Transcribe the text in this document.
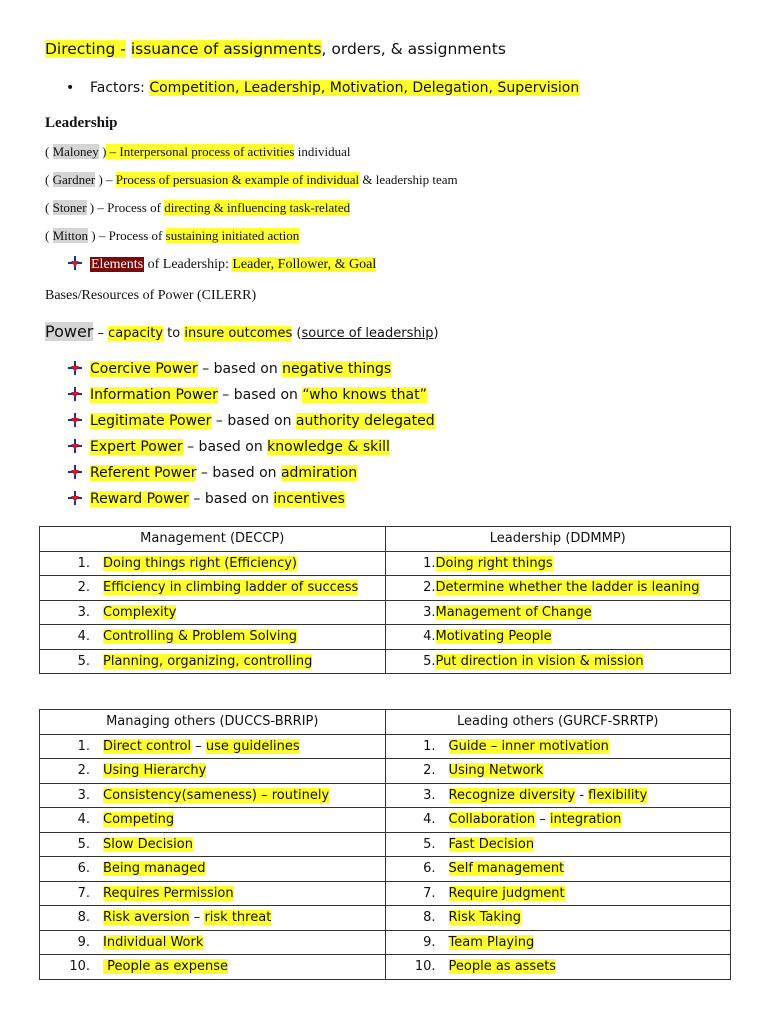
Directing - issuance of assignments, orders, & assignments
• Factors: Competition, Leadership, Motivation, Delegation, Supervision
Leadership
( Maloney ) – Interpersonal process of activities individual
( Gardner ) – Process of persuasion & example of individual & leadership team
( Stoner ) – Process of directing & influencing task-related
( Mitton ) – Process of sustaining initiated action
Elements of Leadership: Leader, Follower, & Goal
Bases/Resources of Power (CILERR)
Power – capacity to insure outcomes (source of leadership)
Coercive Power – based on negative things
Information Power – based on “who knows that”
Legitimate Power – based on authority delegated
Expert Power – based on knowledge & skill
Referent Power – based on admiration
Reward Power – based on incentives
Management (DECCP)	Leadership (DDMMP)
1. Doing things right (Efficiency)	1.Doing right things
2. Efficiency in climbing ladder of success	2.Determine whether the ladder is leaning
3. Complexity	3.Management of Change
4. Controlling & Problem Solving	4.Motivating People
5. Planning, organizing, controlling	5.Put direction in vision & mission
Managing others (DUCCS-BRRIP)	Leading others (GURCF-SRRTP)
1. Direct control – use guidelines	1. Guide – inner motivation
2. Using Hierarchy	2. Using Network
3. Consistency(sameness) – routinely	3. Recognize diversity - flexibility
4. Competing	4. Collaboration – integration
5. Slow Decision	5. Fast Decision
6. Being managed	6. Self management
7. Requires Permission	7. Require judgment
8. Risk aversion – risk threat	8. Risk Taking
9. Individual Work	9. Team Playing
10. People as expense	10. People as assets
